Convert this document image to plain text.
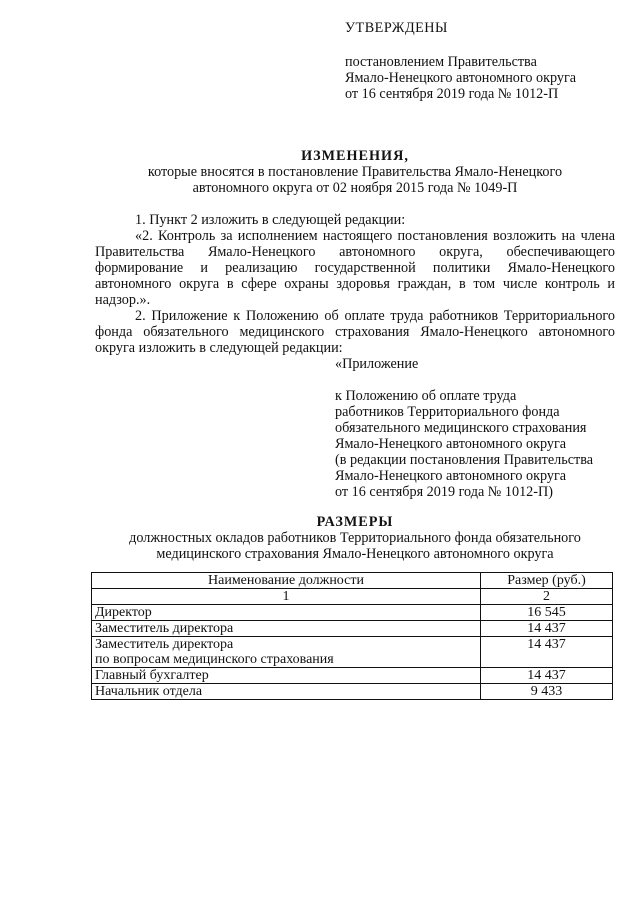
УТВЕРЖДЕНЫ
постановлением Правительства
Ямало-Ненецкого автономного округа
от 16 сентября 2019 года № 1012-П
ИЗМЕНЕНИЯ,
которые вносятся в постановление Правительства Ямало-Ненецкого
автономного округа от 02 ноября 2015 года № 1049-П

1. Пункт 2 изложить в следующей редакции:

«2. Контроль за исполнением настоящего постановления возложить на члена Правительства Ямало-Ненецкого автономного округа, обеспечивающего формирование и реализацию государственной политики Ямало-Ненецкого автономного округа в сфере охраны здоровья граждан, в том числе контроль и надзор.».

2. Приложение к Положению об оплате труда работников Территориального фонда обязательного медицинского страхования Ямало-Ненецкого автономного округа изложить в следующей редакции:

«Приложение
к Положению об оплате труда
работников Территориального фонда
обязательного медицинского страхования
Ямало-Ненецкого автономного округа
(в редакции постановления Правительства
Ямало-Ненецкого автономного округа
от 16 сентября 2019 года № 1012-П)
РАЗМЕРЫ
должностных окладов работников Территориального фонда обязательного
медицинского страхования Ямало-Ненецкого автономного округа
Наименование должности	Размер (руб.)
1	2

Директор	16 545

Заместитель директора	14 437

Заместитель директора
по вопросам медицинского страхования	14 437

Главный бухгалтер	14 437

Начальник отдела	9 433
